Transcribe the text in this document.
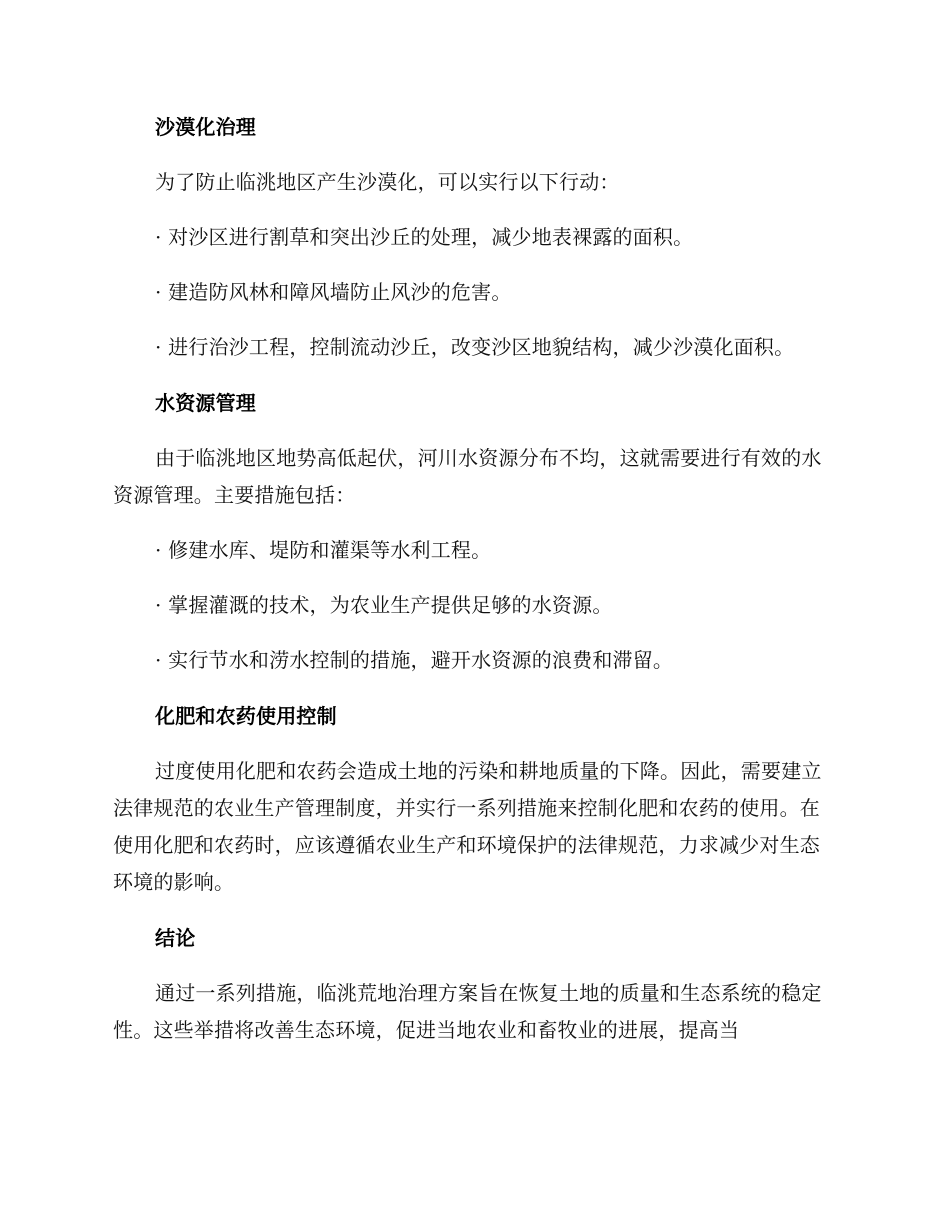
沙漠化治理
为了防止临洮地区产生沙漠化，可以实行以下行动：
· 对沙区进行割草和突出沙丘的处理，减少地表裸露的面积。
· 建造防风林和障风墙防止风沙的危害。
· 进行治沙工程，控制流动沙丘，改变沙区地貌结构，减少沙漠化面积。
水资源管理
由于临洮地区地势高低起伏，河川水资源分布不均，这就需要进行有效的水资源管理。主要措施包括：
· 修建水库、堤防和灌渠等水利工程。
· 掌握灌溉的技术，为农业生产提供足够的水资源。
· 实行节水和涝水控制的措施，避开水资源的浪费和滞留。
化肥和农药使用控制
过度使用化肥和农药会造成土地的污染和耕地质量的下降。因此，需要建立法律规范的农业生产管理制度，并实行一系列措施来控制化肥和农药的使用。在使用化肥和农药时，应该遵循农业生产和环境保护的法律规范，力求减少对生态环境的影响。
结论
通过一系列措施，临洮荒地治理方案旨在恢复土地的质量和生态系统的稳定性。这些举措将改善生态环境，促进当地农业和畜牧业的进展，提高当
